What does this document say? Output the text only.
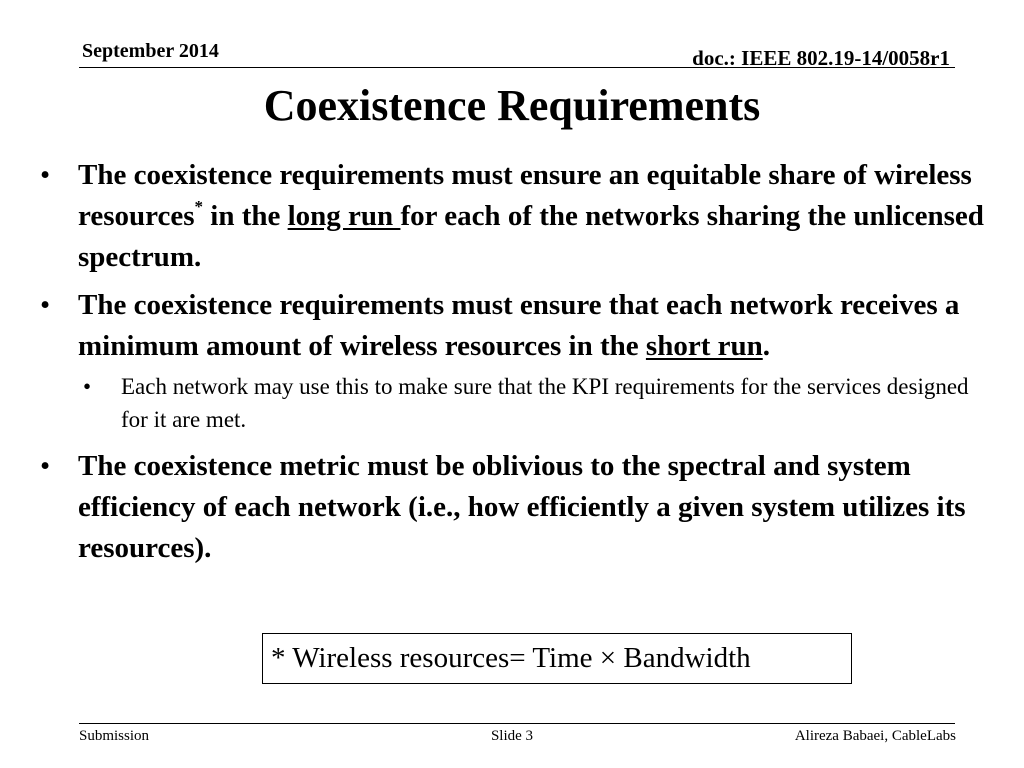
September 2014	doc.: IEEE 802.19-14/0058r1
Coexistence Requirements
• The coexistence requirements must ensure an equitable share of wireless resources* in the long run for each of the networks sharing the unlicensed spectrum.
• The coexistence requirements must ensure that each network receives a minimum amount of wireless resources in the short run.
• Each network may use this to make sure that the KPI requirements for the services designed for it are met.
• The coexistence metric must be oblivious to the spectral and system efficiency of each network (i.e., how efficiently a given system utilizes its resources).
* Wireless resources= Time × Bandwidth
Submission	Slide 3	Alireza Babaei, CableLabs
